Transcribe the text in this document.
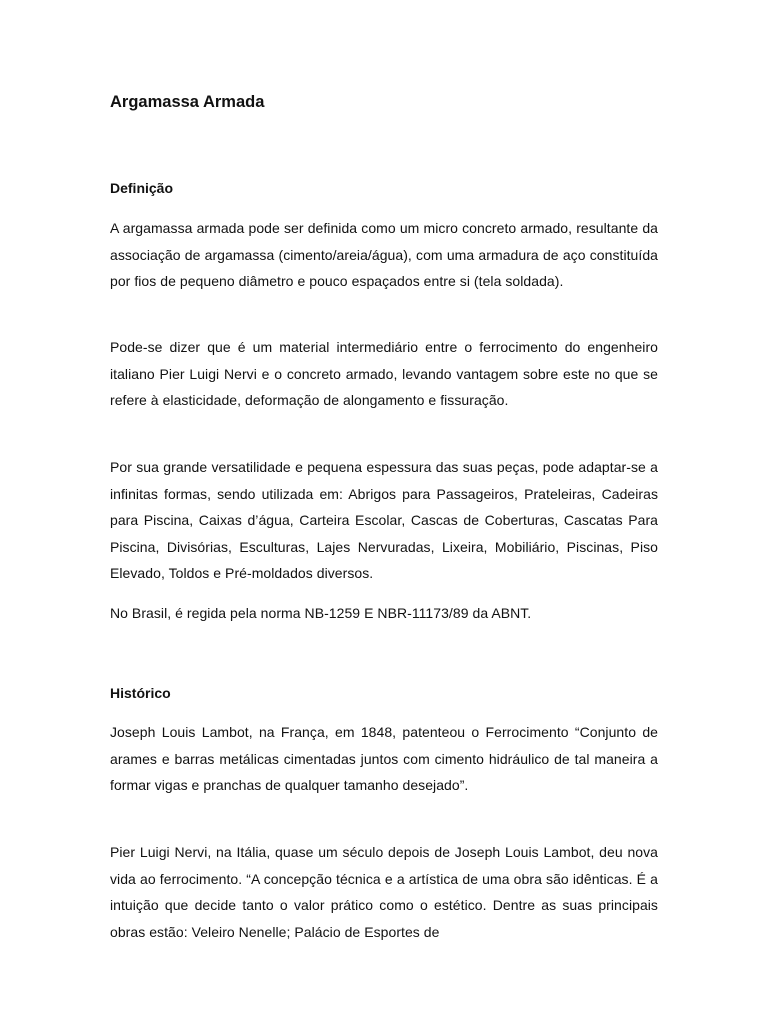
Argamassa Armada
Definição

A argamassa armada pode ser definida como um micro concreto armado, resultante da associação de argamassa (cimento/areia/água), com uma armadura de aço constituída por fios de pequeno diâmetro e pouco espaçados entre si (tela soldada).

Pode-se dizer que é um material intermediário entre o ferrocimento do engenheiro italiano Pier Luigi Nervi e o concreto armado, levando vantagem sobre este no que se refere à elasticidade, deformação de alongamento e fissuração.

Por sua grande versatilidade e pequena espessura das suas peças, pode adaptar-se a infinitas formas, sendo utilizada em: Abrigos para Passageiros, Prateleiras, Cadeiras para Piscina, Caixas d’água, Carteira Escolar, Cascas de Coberturas, Cascatas Para Piscina, Divisórias, Esculturas, Lajes Nervuradas, Lixeira, Mobiliário, Piscinas, Piso Elevado, Toldos e Pré-moldados diversos.

No Brasil, é regida pela norma NB-1259 E NBR-11173/89 da ABNT.

Histórico

Joseph Louis Lambot, na França, em 1848, patenteou o Ferrocimento “Conjunto de arames e barras metálicas cimentadas juntos com cimento hidráulico de tal maneira a formar vigas e pranchas de qualquer tamanho desejado”.

Pier Luigi Nervi, na Itália, quase um século depois de Joseph Louis Lambot, deu nova vida ao ferrocimento. “A concepção técnica e a artística de uma obra são idênticas. É a intuição que decide tanto o valor prático como o estético. Dentre as suas principais obras estão: Veleiro Nenelle; Palácio de Esportes de
